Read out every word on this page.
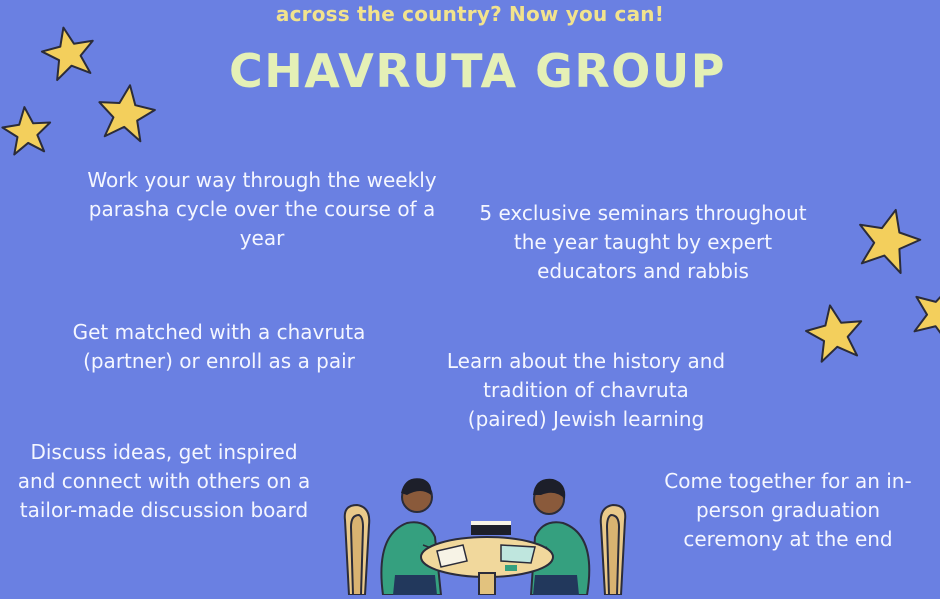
across the country? Now you can!
CHAVRUTA GROUP
Work your way through the weekly parasha cycle over the course of a year
5 exclusive seminars throughout the year taught by expert educators and rabbis
Get matched with a chavruta (partner) or enroll as a pair	Learn about the history and tradition of chavruta (paired) Jewish learning
Discuss ideas, get inspired and connect with others on a tailor-made discussion board
Come together for an in-person graduation ceremony at the end
